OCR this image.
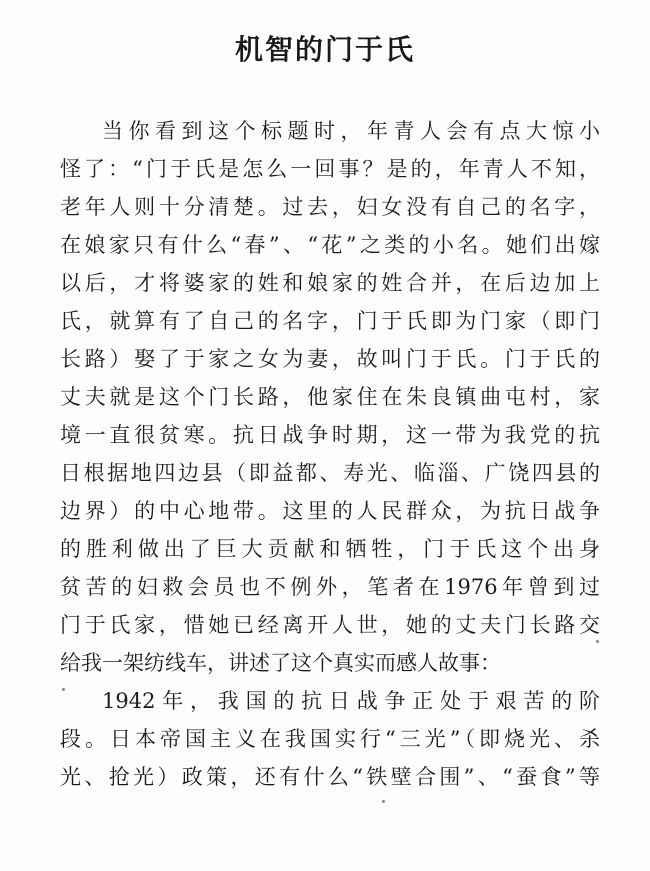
机智的门于氏
当你看到这个标题时，年青人会有点大惊小
怪了：“门于氏是怎么一回事？是的，年青人不知，
老年人则十分清楚。过去，妇女没有自己的名字，
在娘家只有什么“春”、“花”之类的小名。她们出嫁
以后，才将婆家的姓和娘家的姓合并，在后边加上
氏，就算有了自己的名字，门于氏即为门家（即门
长路）娶了于家之女为妻，故叫门于氏。门于氏的
丈夫就是这个门长路，他家住在朱良镇曲屯村，家
境一直很贫寒。抗日战争时期，这一带为我党的抗
日根据地四边县（即益都、寿光、临淄、广饶四县的
边界）的中心地带。这里的人民群众，为抗日战争
的胜利做出了巨大贡献和牺牲，门于氏这个出身
贫苦的妇救会员也不例外，笔者在1976年曾到过
门于氏家，惜她已经离开人世，她的丈夫门长路交
给我一架纺线车，讲述了这个真实而感人故事：
1942年，我国的抗日战争正处于艰苦的阶
段。日本帝国主义在我国实行“三光”（即烧光、杀
光、抢光）政策，还有什么“铁壁合围”、“蚕食”等
